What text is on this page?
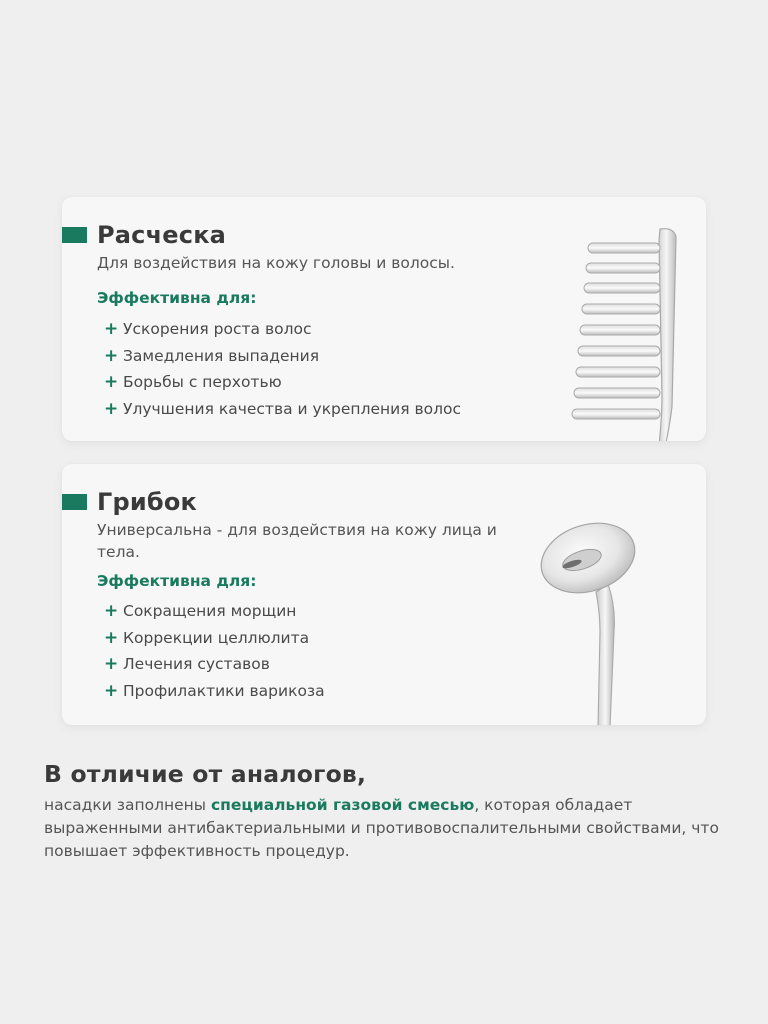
Расческа
Для воздействия на кожу головы и волосы.
Эффективна для:
+ Ускорения роста волос
+ Замедления выпадения
+ Борьбы с перхотью
+ Улучшения качества и укрепления волос
Грибок
Универсальна - для воздействия на кожу лица и тела.
Эффективна для:
+ Сокращения морщин
+ Коррекции целлюлита
+ Лечения суставов
+ Профилактики варикоза
В отличие от аналогов,
насадки заполнены специальной газовой смесью, которая обладает выраженными антибактериальными и противовоспалительными свойствами, что повышает эффективность процедур.
